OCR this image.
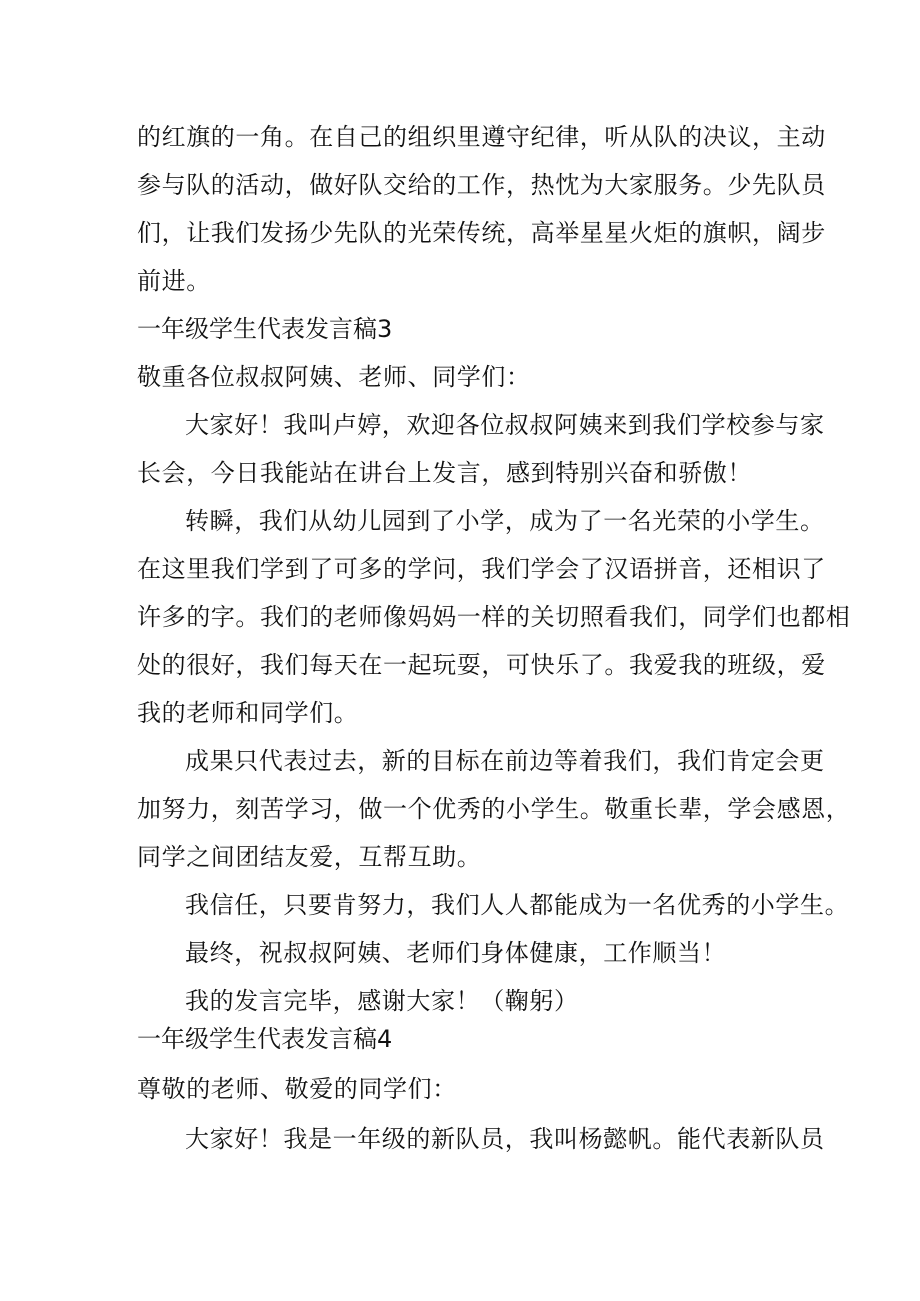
的红旗的一角。在自己的组织里遵守纪律，听从队的决议，主动
参与队的活动，做好队交给的工作，热忱为大家服务。少先队员
们，让我们发扬少先队的光荣传统，高举星星火炬的旗帜，阔步
前进。
一年级学生代表发言稿3
敬重各位叔叔阿姨、老师、同学们：
大家好！我叫卢婷，欢迎各位叔叔阿姨来到我们学校参与家
长会，今日我能站在讲台上发言，感到特别兴奋和骄傲！
转瞬，我们从幼儿园到了小学，成为了一名光荣的小学生。
在这里我们学到了可多的学问，我们学会了汉语拼音，还相识了
许多的字。我们的老师像妈妈一样的关切照看我们，同学们也都相
处的很好，我们每天在一起玩耍，可快乐了。我爱我的班级，爱
我的老师和同学们。
成果只代表过去，新的目标在前边等着我们，我们肯定会更
加努力，刻苦学习，做一个优秀的小学生。敬重长辈，学会感恩，
同学之间团结友爱，互帮互助。
我信任，只要肯努力，我们人人都能成为一名优秀的小学生。
最终，祝叔叔阿姨、老师们身体健康，工作顺当！
我的发言完毕，感谢大家！（鞠躬）
一年级学生代表发言稿4
尊敬的老师、敬爱的同学们：
大家好！我是一年级的新队员，我叫杨懿帆。能代表新队员
